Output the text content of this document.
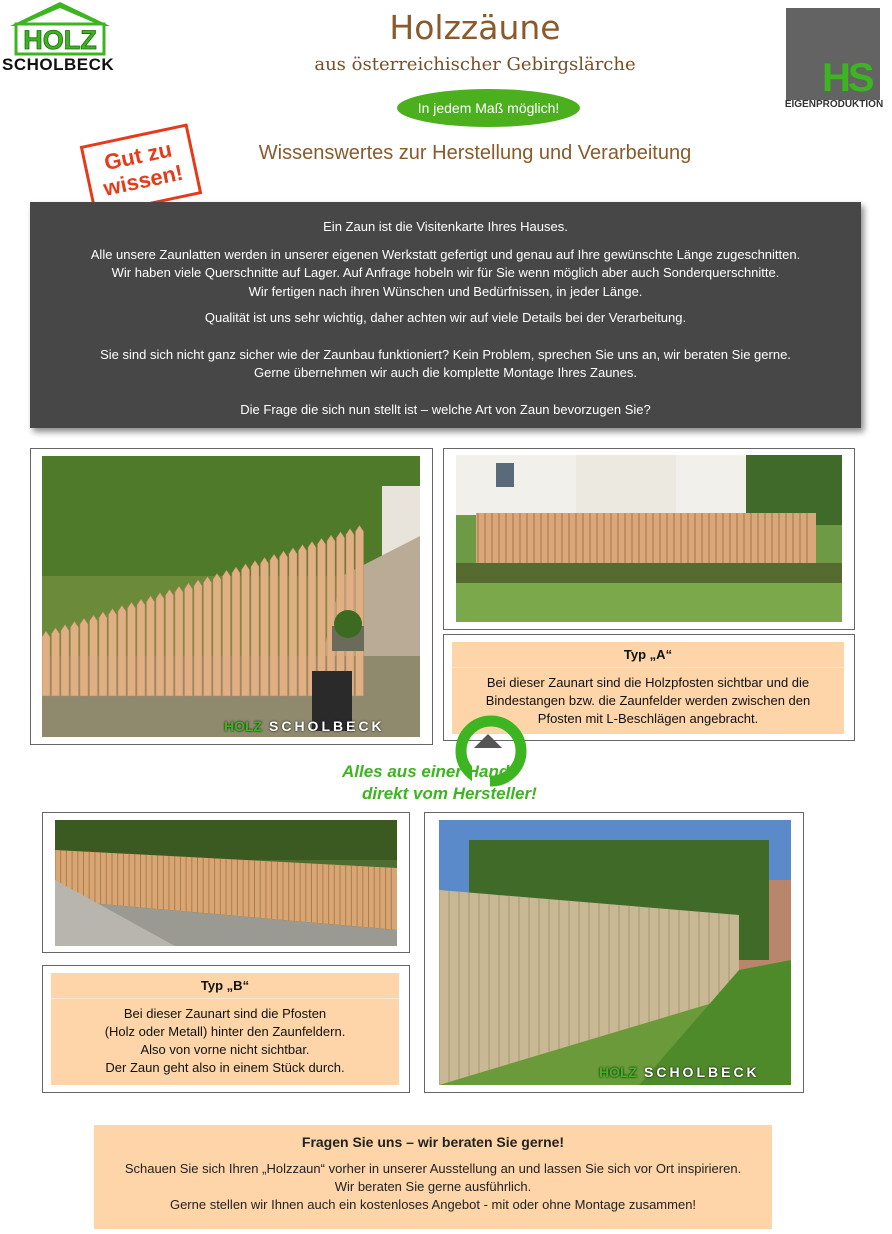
HOLZ
SCHOLBECK
Holzzäune
aus österreichischer Gebirgslärche
In jedem Maß möglich!
HS
EIGENPRODUKTION
Gut zu wissen!
Wissenswertes zur Herstellung und Verarbeitung

Ein Zaun ist die Visitenkarte Ihres Hauses.

Alle unsere Zaunlatten werden in unserer eigenen Werkstatt gefertigt und genau auf Ihre gewünschte Länge zugeschnitten.

Wir haben viele Querschnitte auf Lager. Auf Anfrage hobeln wir für Sie wenn möglich aber auch Sonderquerschnitte.

Wir fertigen nach ihren Wünschen und Bedürfnissen, in jeder Länge.

Qualität ist uns sehr wichtig, daher achten wir auf viele Details bei der Verarbeitung.

Sie sind sich nicht ganz sicher wie der Zaunbau funktioniert? Kein Problem, sprechen Sie uns an, wir beraten Sie gerne.

Gerne übernehmen wir auch die komplette Montage Ihres Zaunes.

Die Frage die sich nun stellt ist – welche Art von Zaun bevorzugen Sie?

HOLZ SCHOLBECK
Typ „A“
Bei dieser Zaunart sind die Holzpfosten sichtbar und die
Bindestangen bzw. die Zaunfelder werden zwischen den
Pfosten mit L-Beschlägen angebracht.
Alles aus einer Hand
direkt vom Hersteller!
Typ „B“
Bei dieser Zaunart sind die Pfosten
(Holz oder Metall) hinter den Zaunfeldern.
Also von vorne nicht sichtbar.
Der Zaun geht also in einem Stück durch.	HOLZ SCHOLBECK
Fragen Sie uns – wir beraten Sie gerne!
Schauen Sie sich Ihren „Holzzaun“ vorher in unserer Ausstellung an und lassen Sie sich vor Ort inspirieren.
Wir beraten Sie gerne ausführlich.
Gerne stellen wir Ihnen auch ein kostenloses Angebot - mit oder ohne Montage zusammen!
